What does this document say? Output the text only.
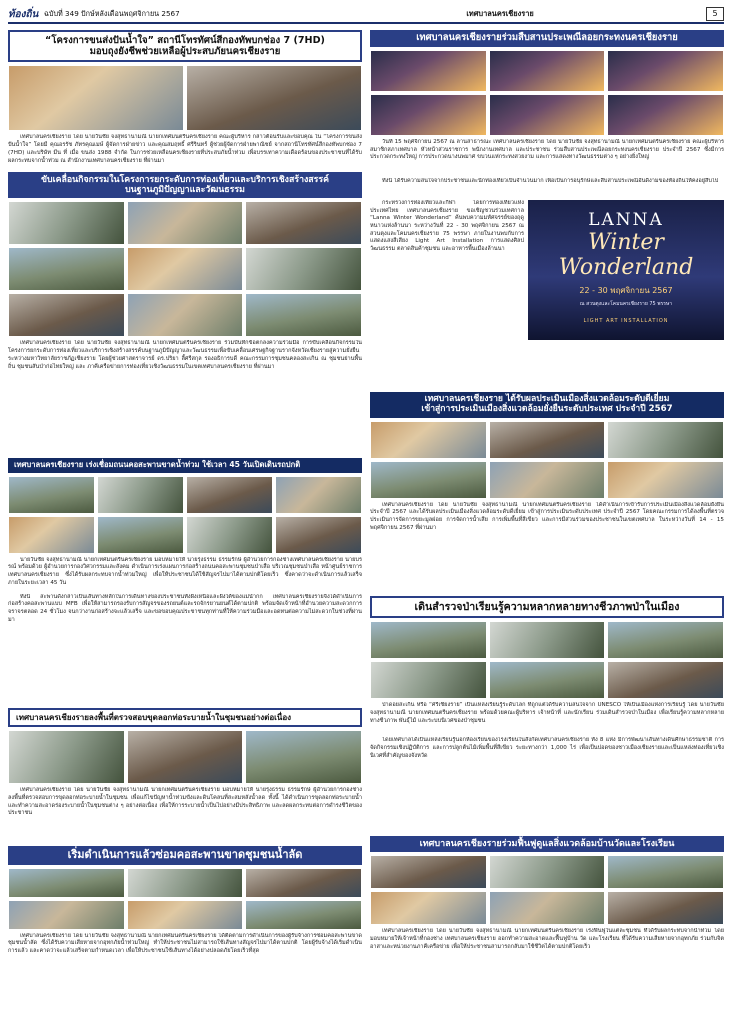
ท้องถิ่น ฉบับที่ 349 ปักษ์หลังเดือนพฤศจิกายน 2567	เทศบาลนครเชียงราย	5
“โครงการขนส่งปันน้ำใจ” สถานีโทรทัศน์สีกองทัพบกช่อง 7 (7HD)
มอบถุงยังชีพช่วยเหลือผู้ประสบภัยนครเชียงราย

เทศบาลนครเชียงราย โดย นายวันชัย จงสุทธานามณี นายกเทศมนตรีนครเชียงราย คณะผู้บริหาร กล่าวต้อนรับและขอบคุณ ใน “โครงการขนส่งปันน้ำใจ” โดยมี คุณอรรัช ภัทรคุณเมษ์ ผู้จัดการฝ่ายข่าว และคุณสมฤทธิ์ ศรีรินทร์ ผู้ช่วยผู้จัดการฝ่ายพาณิชย์ จากสถานีโทรทัศน์สีกองทัพบกช่อง 7 (7HD) และบริษัท มีน ที่ เมื่อ ขนส่ง 1988 จำกัด ในการช่วยเหลือนครเชียงรายที่ประสบภัยน้ำท่วม เพื่อบรรเทาความเดือดร้อนของประชาชนที่ได้รับผลกระทบจากน้ำท่วม ณ สำนักงานเทศบาลนครเชียงราย ที่ผ่านมา

ขับเคลื่อนกิจกรรมในโครงการยกระดับการท่องเที่ยวและบริการเชิงสร้างสรรค์
บนฐานภูมิปัญญาและวัฒนธรรม

เทศบาลนครเชียงราย โดย นายวันชัย จงสุทธานามณี นายกเทศมนตรีนครเชียงราย ร่วมบันทึกข้อตกลงความร่วมมือ การขับเคลื่อนกิจกรรมในโครงการยกระดับการท่องเที่ยวและบริการเชิงสร้างสรรค์บนฐานภูมิปัญญาและวัฒนธรรมเพื่อขับเคลื่อนเศรษฐกิจฐานรากจังหวัดเชียงรายสู่ความยั่งยืน ระหว่างมหาวิทยาลัยราชภัฏเชียงราย โดยผู้ช่วยศาสตราจารย์ ดร.ปริยา ลี้ศรีสกุล รองอธิการบดี คณะกรรมการชุมชนคลองสะเกิน ณ ชุมชนย่านพื้นถิ่น ชุมชนสันป่าก่อไทยใหญ่ และ ภาคีเครือข่ายการท่องเที่ยวเชิงวัฒนธรรมในเขตเทศบาลนครเชียงราย ที่ผ่านมา

เทศบาลนครเชียงราย เร่งเชื่อมถนนคอสะพานขาดน้ำท่วม ใช้เวลา 45 วันเปิดเดินรถปกติ

นายวันชัย จงสุทธานามณี นายกเทศมนตรีนครเชียงราย มอบหมายให้ นายรุ่งธรรม ธรรมรักษ์ ผู้อำนวยการกองช่างเทศบาลนครเชียงราย นายบรรณ์ พร้อมด้วย ผู้อำนวยการกองวิศวกรรมและสังคม ดำเนินการเร่งแผนการก่อสร้างถนนคอสะพานชุมชนป่าเสือ บริเวณชุมชนป่าเสือ หน้าศูนย์ราชการเทศบาลนครเชียงราย ซึ่งได้รับผลกระทบจากน้ำท่วมใหญ่ เพื่อให้ประชาชนได้ใช้สัญจรไปมาได้ตามปกติโดยเร็ว ซึ่งคาดว่าจะดำเนินการแล้วเสร็จภายในระยะเวลา 45 วัน

ทั้งนี้ สะพานดังกล่าวเป็นเส้นทางหลักในการเดินทางของประชาชนทั้งฝั่งเหนือและฝั่งใต้ของแม่น้ำกก เทศบาลนครเชียงรายจึงได้ดำเนินการก่อสร้างคอสะพานแบบ MFB เพื่อให้สามารถรองรับการสัญจรของรถยนต์และรถจักรยานยนต์ได้ตามปกติ พร้อมจัดเจ้าหน้าที่อำนวยความสะดวกการจราจรตลอด 24 ชั่วโมง จนกว่างานก่อสร้างจะแล้วเสร็จ และขอขอบคุณประชาชนทุกท่านที่ให้ความร่วมมือและอดทนต่อความไม่สะดวกในช่วงที่ผ่านมา

เทศบาลนครเชียงรายลงพื้นที่ตรวจสอบขุดลอกท่อระบายน้ำในชุมชนอย่างต่อเนื่อง

เทศบาลนครเชียงราย โดย นายวันชัย จงสุทธานามณี นายกเทศมนตรีนครเชียงราย มอบหมายให้ นายรุ่งธรรม ธรรมรักษ์ ผู้อำนวยการกองช่าง ลงพื้นที่ตรวจสอบการขุดลอกท่อระบายน้ำในชุมชน เพื่อแก้ไขปัญหาน้ำท่วมขังและดินโคลนที่สะสมหลังน้ำลด ทั้งนี้ ได้ดำเนินการขุดลอกท่อระบายน้ำและทำความสะอาดร่องระบายน้ำในชุมชนต่าง ๆ อย่างต่อเนื่อง เพื่อให้การระบายน้ำเป็นไปอย่างมีประสิทธิภาพ และลดผลกระทบต่อการดำรงชีวิตของประชาชน

เริ่มดำเนินการแล้วซ่อมคอสะพานขาดชุมชนน้ำลัด

เทศบาลนครเชียงราย โดย นายวันชัย จงสุทธานามณี นายกเทศมนตรีนครเชียงราย ได้ติดตามการดำเนินการของผู้รับจ้างการซ่อมคอสะพานขาดชุมชนน้ำลัด ซึ่งได้รับความเสียหายจากอุทกภัยน้ำท่วมใหญ่ ทำให้ประชาชนไม่สามารถใช้เส้นทางสัญจรไปมาได้ตามปกติ โดยผู้รับจ้างได้เริ่มดำเนินการแล้ว และคาดว่าจะแล้วเสร็จตามกำหนดเวลา เพื่อให้ประชาชนใช้เส้นทางได้อย่างปลอดภัยโดยเร็วที่สุด

เทศบาลนครเชียงรายร่วมสืบสานประเพณีลอยกระทงนครเชียงราย

วันที่ 15 พฤศจิกายน 2567 ณ ลานสาธารณะ เทศบาลนครเชียงราย โดย นายวันชัย จงสุทธานามณี นายกเทศมนตรีนครเชียงราย คณะผู้บริหาร สมาชิกสภาเทศบาล หัวหน้าส่วนราชการ พนักงานเทศบาล และประชาชน ร่วมสืบสานประเพณีลอยกระทงนครเชียงราย ประจำปี 2567 ซึ่งมีการประกวดกระทงใหญ่ การประกวดนางนพมาศ ขบวนแห่กระทงสวยงาม และการแสดงทางวัฒนธรรมต่าง ๆ อย่างยิ่งใหญ่

ทั้งนี้ ได้รับความสนใจจากประชาชนและนักท่องเที่ยวเป็นจำนวนมาก เพื่อเป็นการอนุรักษ์และสืบสานประเพณีอันดีงามของท้องถิ่นให้คงอยู่สืบไป

กระทรวงการท่องเที่ยวและกีฬา โดยการท่องเที่ยวแห่งประเทศไทย เทศบาลนครเชียงราย ขอเชิญชวนร่วมเทศกาล “Lanna Winter Wonderland” ค้นพบความมหัศจรรย์ของฤดูหนาวแห่งล้านนา ระหว่างวันที่ 22 - 30 พฤศจิกายน 2567 ณ สวนตุงและโคมนครเชียงราย 75 พรรษา ภายในงานพบกับการแสดงแสงสีเสียง Light Art Installation การแสดงศิลปวัฒนธรรม ตลาดสินค้าชุมชน และอาหารพื้นเมืองล้านนา

LANNA
Winter Wonderland
22 - 30 พฤศจิกายน 2567
ณ สวนตุงและโคมนครเชียงราย 75 พรรษา
LIGHT ART INSTALLATION
เทศบาลนครเชียงราย ได้รับผลประเมินเมืองสิ่งแวดล้อมระดับดีเยี่ยม
เข้าสู่การประเมินเมืองสิ่งแวดล้อมยั่งยืนระดับประเทศ ประจำปี 2567

เทศบาลนครเชียงราย โดย นายวันชัย จงสุทธานามณี นายกเทศมนตรีนครเชียงราย ได้ดำเนินการเข้ารับการประเมินเมืองสิ่งแวดล้อมยั่งยืน ประจำปี 2567 และได้รับผลประเมินเมืองสิ่งแวดล้อมระดับดีเยี่ยม เข้าสู่การประเมินระดับประเทศ ประจำปี 2567 โดยคณะกรรมการได้ลงพื้นที่ตรวจประเมินการจัดการขยะมูลฝอย การจัดการน้ำเสีย การเพิ่มพื้นที่สีเขียว และการมีส่วนร่วมของประชาชนในเขตเทศบาล ในระหว่างวันที่ 14 - 15 พฤศจิกายน 2567 ที่ผ่านมา

เดินสำรวจป่าเรียนรู้ความหลากหลายทางชีวภาพป่าในเมือง

ป่าดอยสะเก็น หรือ “ศรีเชียงราย” เป็นแหล่งเรียนรู้ระดับโลก ที่ถูกแต่ได้รับความสนใจจาก UNESCO ให้เป็นเมืองแห่งการเรียนรู้ โดย นายวันชัย จงสุทธานามณี นายกเทศมนตรีนครเชียงราย พร้อมด้วยคณะผู้บริหาร เจ้าหน้าที่ และนักเรียน ร่วมเดินสำรวจป่าในเมือง เพื่อเรียนรู้ความหลากหลายทางชีวภาพ พันธุ์ไม้ และระบบนิเวศของป่าชุมชน

โดยเทศบาลได้เป็นแหล่งเรียนรู้นอกห้องเรียนของโรงเรียนในสังกัดเทศบาลนครเชียงราย ทั้ง 8 แห่ง มีการพัฒนาเส้นทางเดินศึกษาธรรมชาติ การจัดกิจกรรมเชิงปฏิบัติการ และการปลูกต้นไม้เพิ่มพื้นที่สีเขียว ระยะทางกว่า 1,000 ไร่ เพื่อเป็นปอดของชาวเมืองเชียงรายและเป็นแหล่งท่องเที่ยวเชิงนิเวศที่สำคัญของจังหวัด

เทศบาลนครเชียงรายร่วมฟื้นฟูดูแลสิ่งแวดล้อมบ้านวัดและโรงเรียน

เทศบาลนครเชียงราย โดย นายวันชัย จงสุทธานามณี นายกเทศมนตรีนครเชียงราย เร่งฟื้นฟูในแต่ละชุมชน ที่ได้รับผลกระทบจากน้ำท่วม โดยมอบหมายให้เจ้าหน้าที่กองช่าง เทศบาลนครเชียงราย ออกทำความสะอาดและฟื้นฟูบ้าน วัด และโรงเรียน ที่ได้รับความเสียหายจากอุทกภัย ร่วมกับจิตอาสาและหน่วยงานภาคีเครือข่าย เพื่อให้ประชาชนสามารถกลับมาใช้ชีวิตได้ตามปกติโดยเร็ว
